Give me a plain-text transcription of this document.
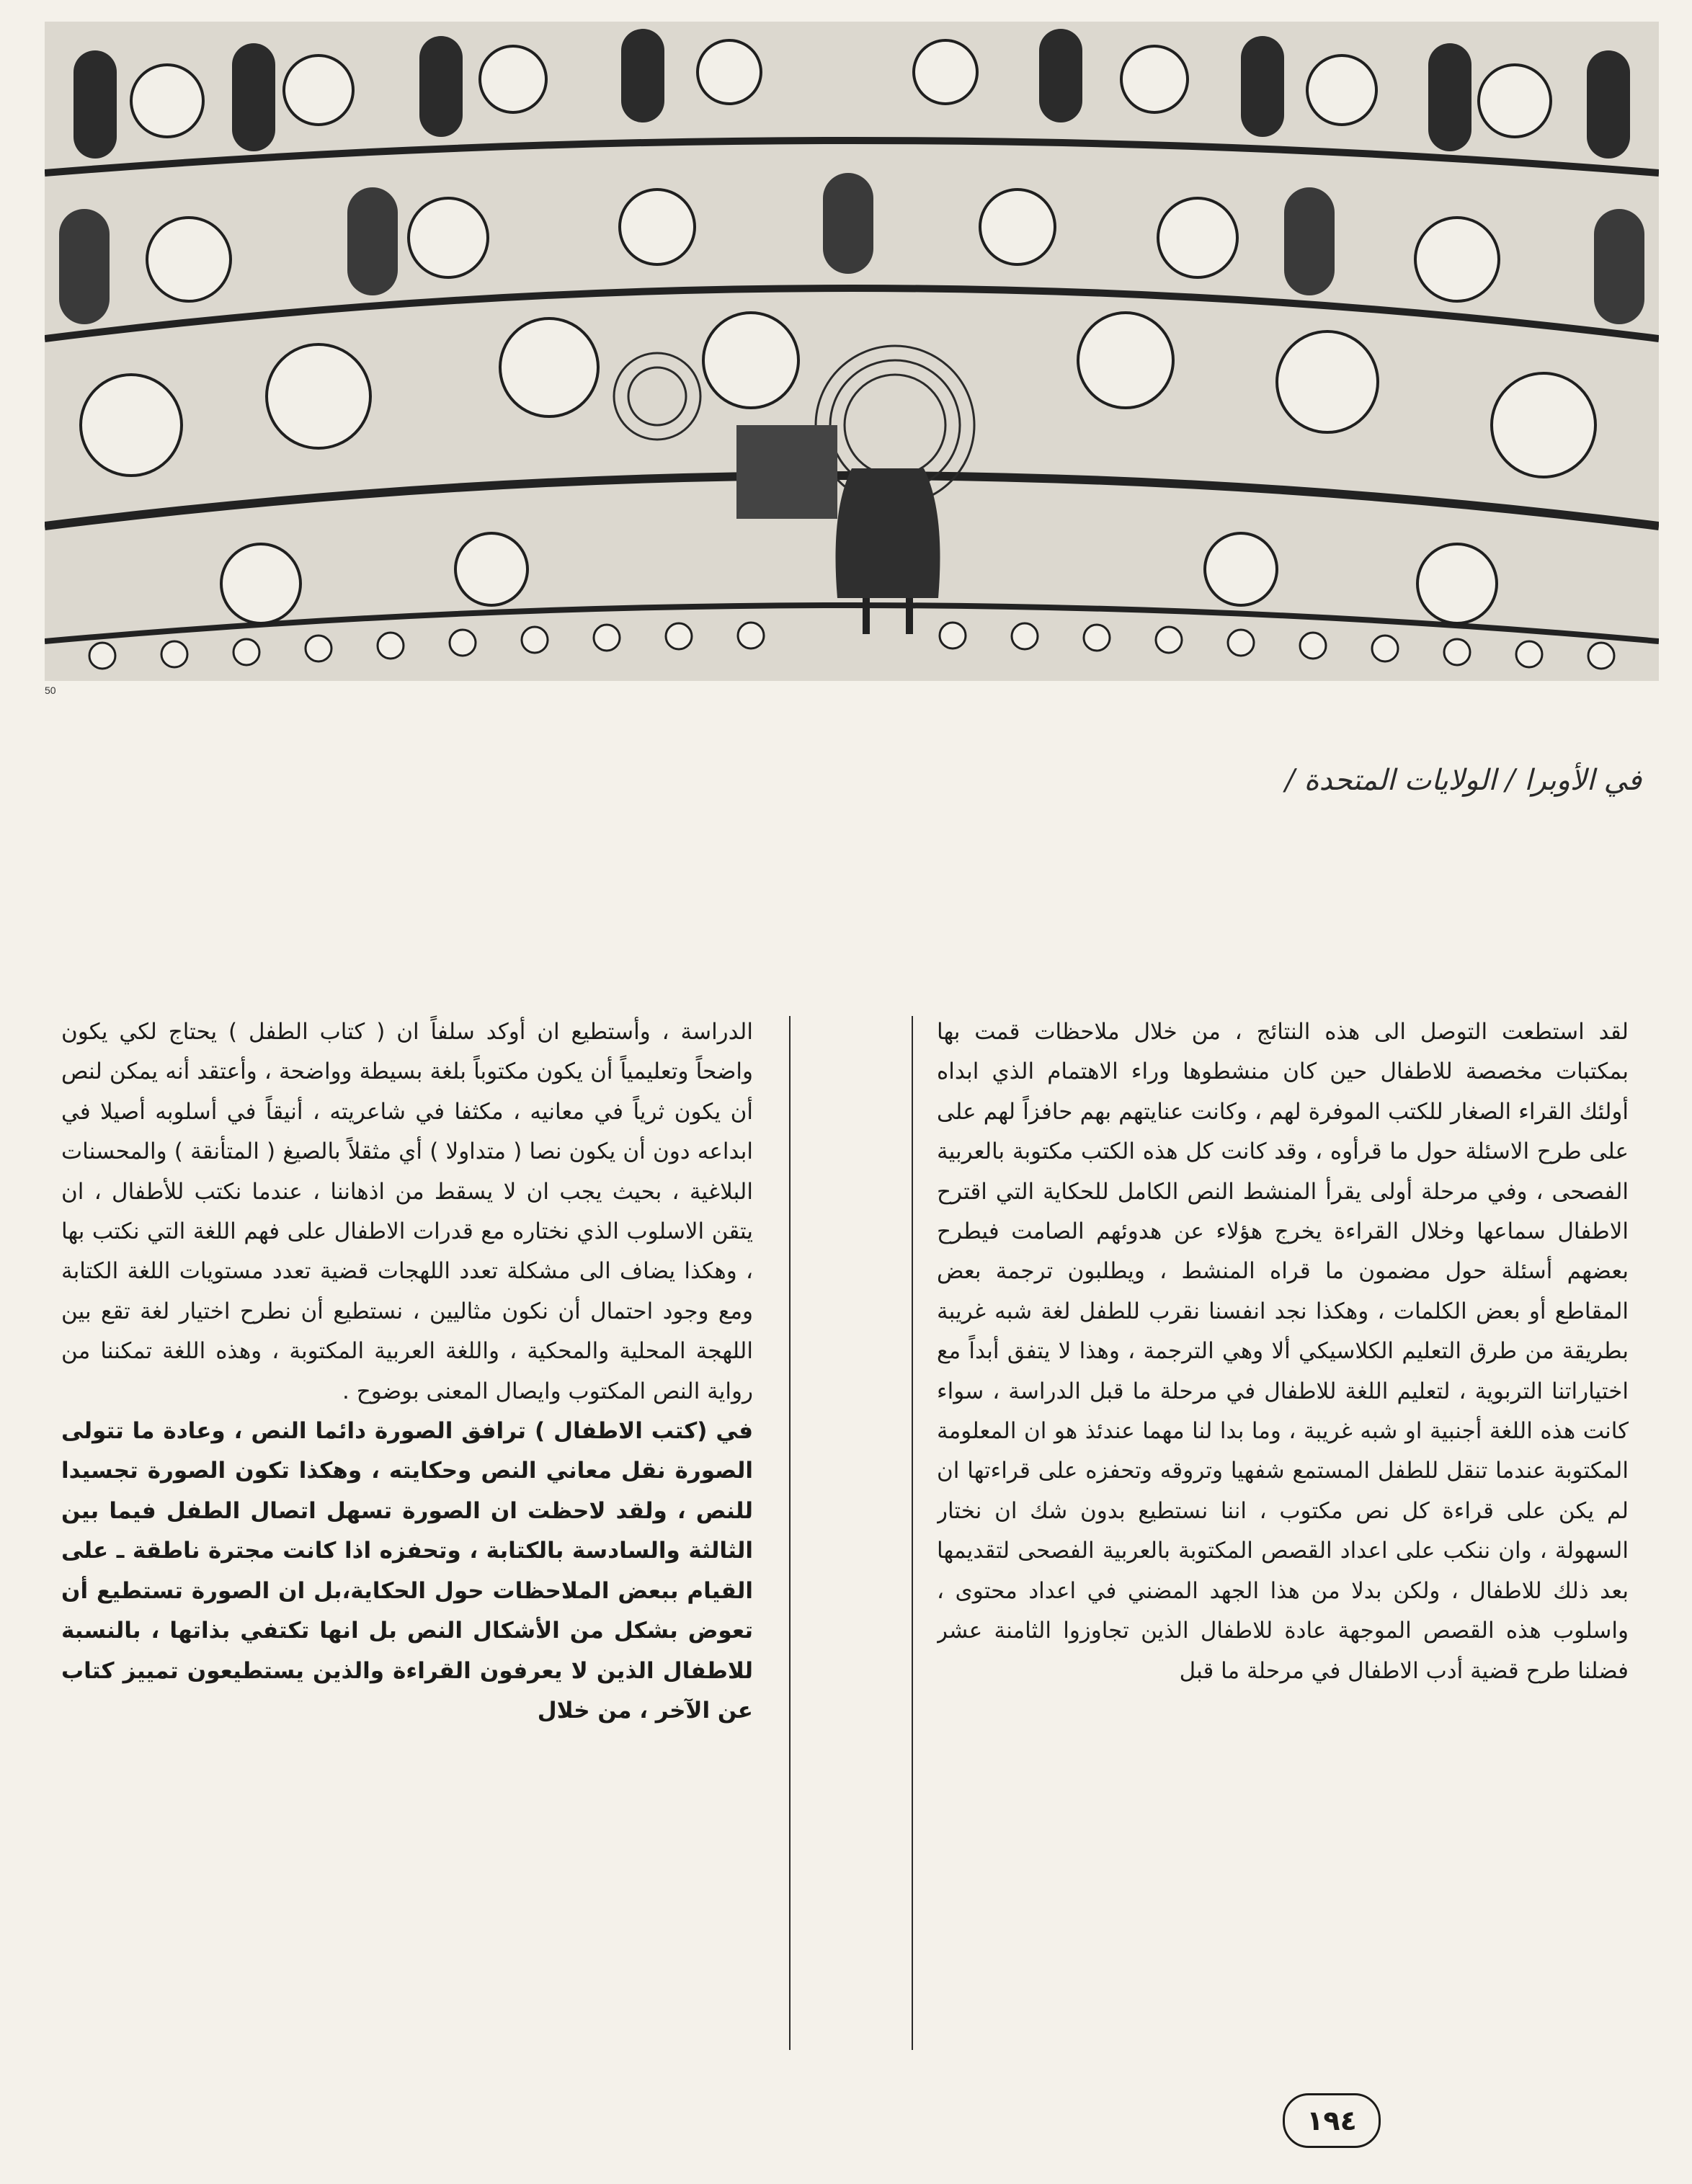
50
في الأوبرا / الولايات المتحدة /

لقد استطعت التوصل الى هذه النتائج ، من خلال ملاحظات قمت بها بمكتبات مخصصة للاطفال حين كان منشطوها وراء الاهتمام الذي ابداه أولئك القراء الصغار للكتب الموفرة لهم ، وكانت عنايتهم بهم حافزاً لهم على على طرح الاسئلة حول ما قرأوه ، وقد كانت كل هذه الكتب مكتوبة بالعربية الفصحى ، وفي مرحلة أولى يقرأ المنشط النص الكامل للحكاية التي اقترح الاطفال سماعها وخلال القراءة يخرج هؤلاء عن هدوئهم الصامت فيطرح بعضهم أسئلة حول مضمون ما قراه المنشط ، ويطلبون ترجمة بعض المقاطع أو بعض الكلمات ، وهكذا نجد انفسنا نقرب للطفل لغة شبه غريبة بطريقة من طرق التعليم الكلاسيكي ألا وهي الترجمة ، وهذا لا يتفق أبداً مع اختياراتنا التربوية ، لتعليم اللغة للاطفال في مرحلة ما قبل الدراسة ، سواء كانت هذه اللغة أجنبية او شبه غريبة ، وما بدا لنا مهما عندئذ هو ان المعلومة المكتوبة عندما تنقل للطفل المستمع شفهيا وتروقه وتحفزه على قراءتها ان لم يكن على قراءة كل نص مكتوب ، اننا نستطيع بدون شك ان نختار السهولة ، وان ننكب على اعداد القصص المكتوبة بالعربية الفصحى لتقديمها بعد ذلك للاطفال ، ولكن بدلا من هذا الجهد المضني في اعداد محتوى ، واسلوب هذه القصص الموجهة عادة للاطفال الذين تجاوزوا الثامنة عشر فضلنا طرح قضية أدب الاطفال في مرحلة ما قبل

الدراسة ، وأستطيع ان أوكد سلفاً ان ( كتاب الطفل ) يحتاج لكي يكون واضحاً وتعليمياً أن يكون مكتوباً بلغة بسيطة وواضحة ، وأعتقد أنه يمكن لنص أن يكون ثرياً في معانيه ، مكثفا في شاعريته ، أنيقاً في أسلوبه أصيلا في ابداعه دون أن يكون نصا ( متداولا ) أي مثقلاً بالصيغ ( المتأنقة ) والمحسنات البلاغية ، بحيث يجب ان لا يسقط من اذهاننا ، عندما نكتب للأطفال ، ان يتقن الاسلوب الذي نختاره مع قدرات الاطفال على فهم اللغة التي نكتب بها ، وهكذا يضاف الى مشكلة تعدد اللهجات قضية تعدد مستويات اللغة الكتابة ومع وجود احتمال أن نكون مثاليين ، نستطيع أن نطرح اختيار لغة تقع بين اللهجة المحلية والمحكية ، واللغة العربية المكتوبة ، وهذه اللغة تمكننا من رواية النص المكتوب وايصال المعنى بوضوح .

في (كتب الاطفال ) ترافق الصورة دائما النص ، وعادة ما تتولى الصورة نقل معاني النص وحكايته ، وهكذا تكون الصورة تجسيدا للنص ، ولقد لاحظت ان الصورة تسهل اتصال الطفل فيما بين الثالثة والسادسة بالكتابة ، وتحفزه اذا كانت مجترة ناطقة ـ على القيام ببعض الملاحظات حول الحكاية،بل ان الصورة تستطيع أن تعوض بشكل من الأشكال النص بل انها تكتفي بذاتها ، بالنسبة للاطفال الذين لا يعرفون القراءة والذين يستطيعون تمييز كتاب عن الآخر ، من خلال

١٩٤
